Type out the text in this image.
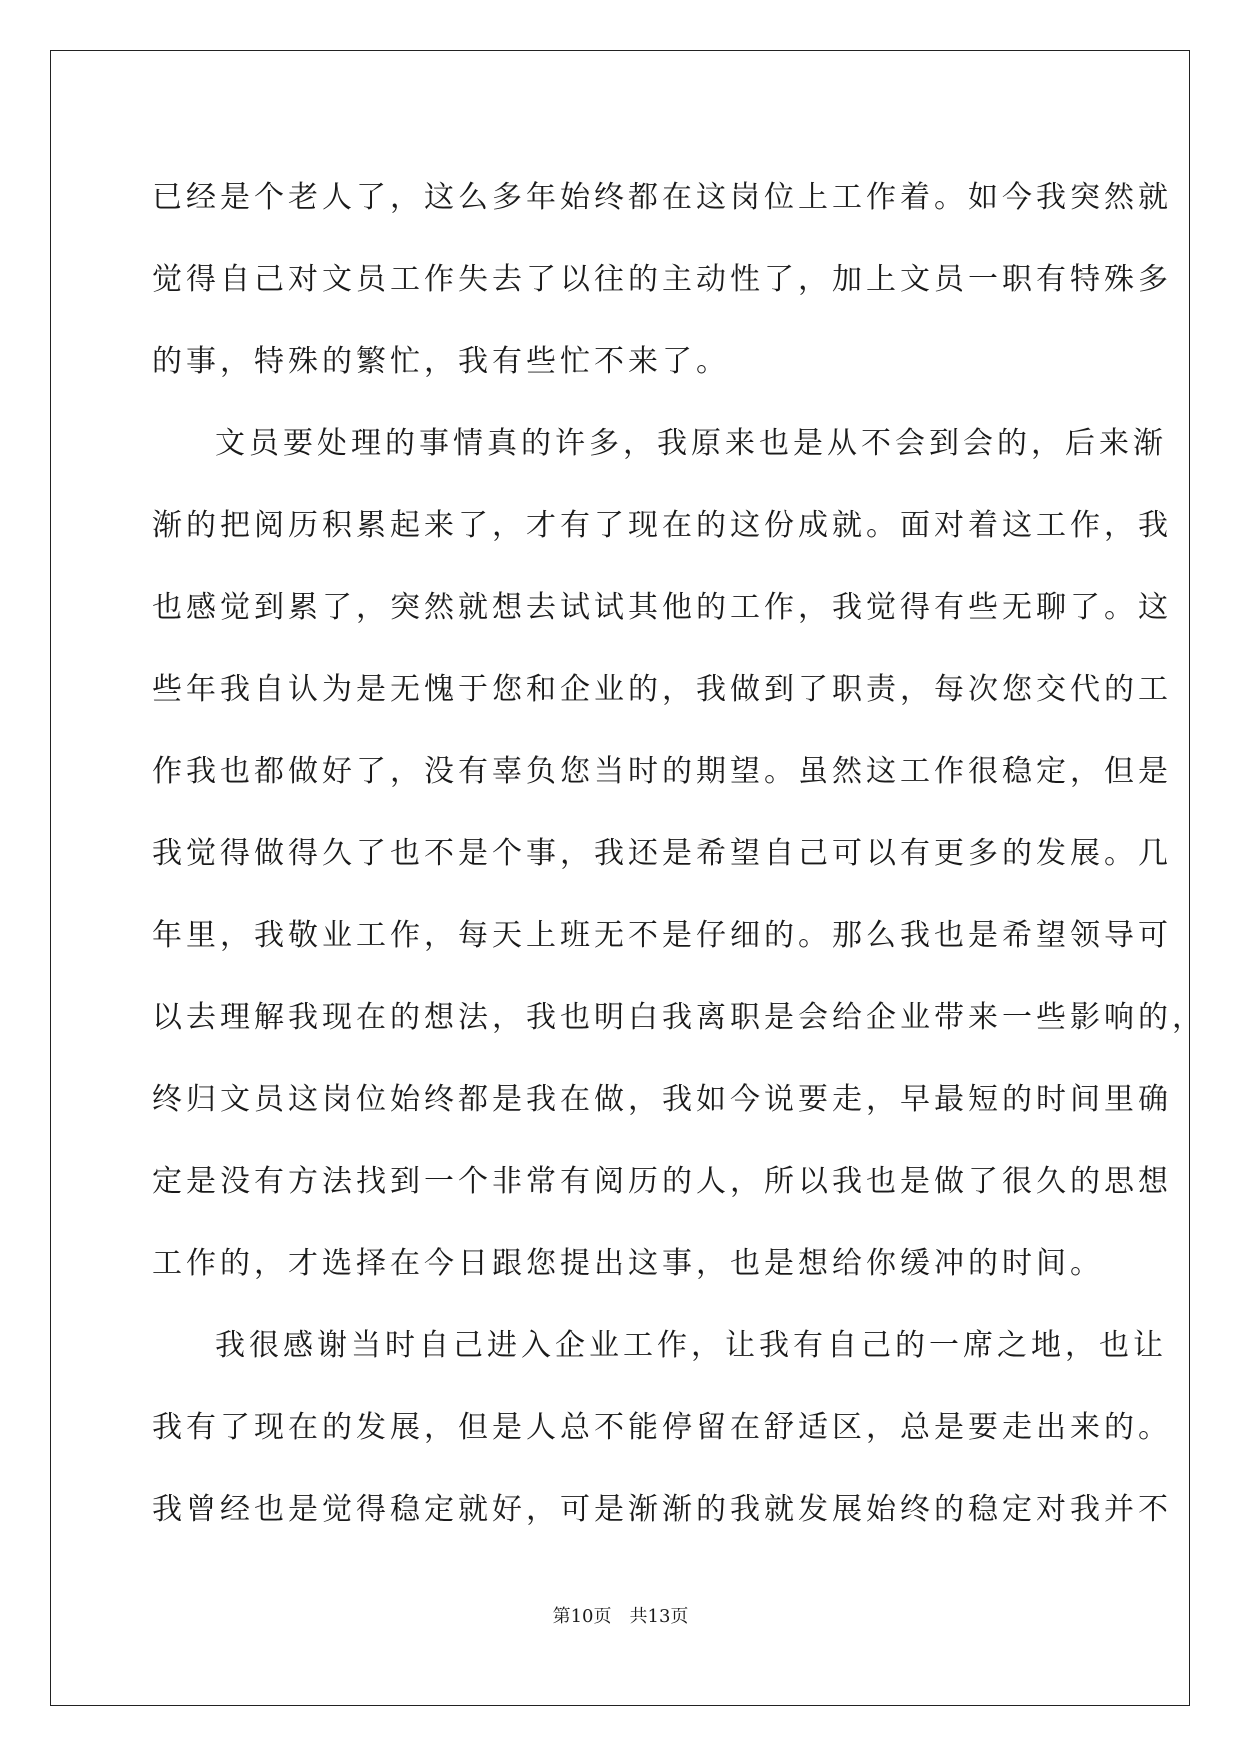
已经是个老人了，这么多年始终都在这岗位上工作着。如今我突然就
觉得自己对文员工作失去了以往的主动性了，加上文员一职有特殊多
的事，特殊的繁忙，我有些忙不来了。
文员要处理的事情真的许多，我原来也是从不会到会的，后来渐
渐的把阅历积累起来了，才有了现在的这份成就。面对着这工作，我
也感觉到累了，突然就想去试试其他的工作，我觉得有些无聊了。这
些年我自认为是无愧于您和企业的，我做到了职责，每次您交代的工
作我也都做好了，没有辜负您当时的期望。虽然这工作很稳定，但是
我觉得做得久了也不是个事，我还是希望自己可以有更多的发展。几
年里，我敬业工作，每天上班无不是仔细的。那么我也是希望领导可
以去理解我现在的想法，我也明白我离职是会给企业带来一些影响的，
终归文员这岗位始终都是我在做，我如今说要走，早最短的时间里确
定是没有方法找到一个非常有阅历的人，所以我也是做了很久的思想
工作的，才选择在今日跟您提出这事，也是想给你缓冲的时间。
我很感谢当时自己进入企业工作，让我有自己的一席之地，也让
我有了现在的发展，但是人总不能停留在舒适区，总是要走出来的。
我曾经也是觉得稳定就好，可是渐渐的我就发展始终的稳定对我并不
第10页 共13页
